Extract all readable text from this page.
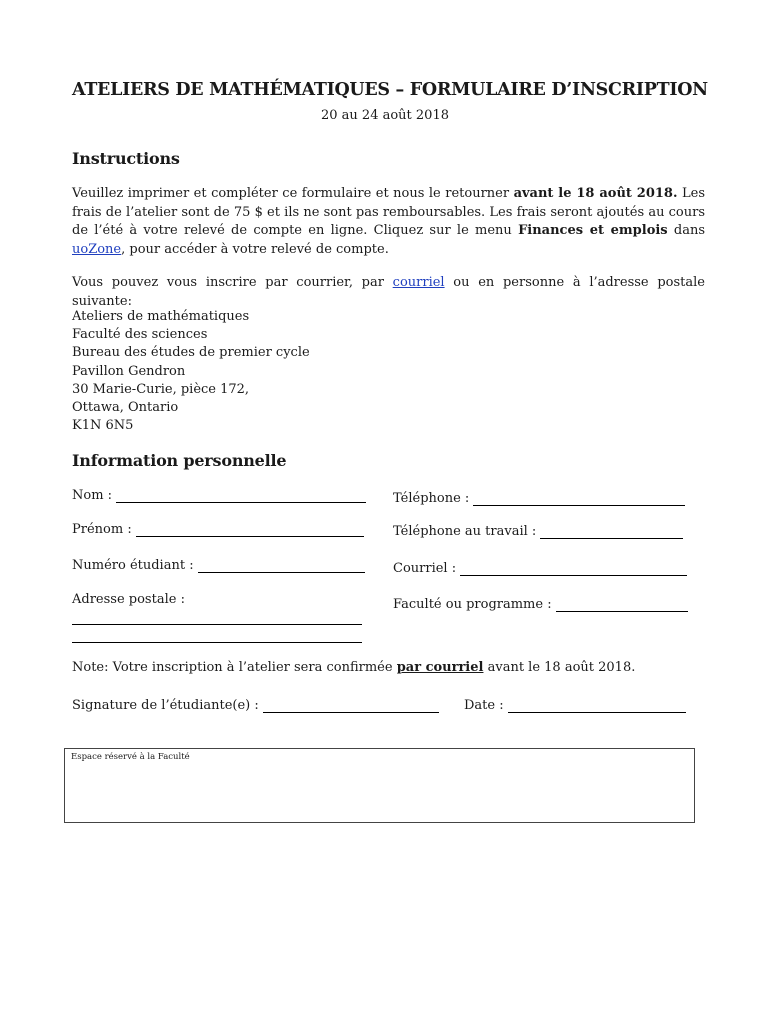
ATELIERS DE MATHÉMATIQUES – FORMULAIRE D’INSCRIPTION
20 au 24 août 2018
Instructions
Veuillez imprimer et compléter ce formulaire et nous le retourner avant le 18 août 2018. Les frais de l’atelier sont de 75 $ et ils ne sont pas remboursables. Les frais seront ajoutés au cours de l’été à votre relevé de compte en ligne. Cliquez sur le menu Finances et emplois dans uoZone, pour accéder à votre relevé de compte.
Vous pouvez vous inscrire par courrier, par courriel ou en personne à l’adresse postale suivante:
Ateliers de mathématiques
Faculté des sciences
Bureau des études de premier cycle
Pavillon Gendron
30 Marie-Curie, pièce 172,
Ottawa, Ontario
K1N 6N5
Information personnelle
Nom :
Prénom :
Numéro étudiant :
Adresse postale :
Téléphone :
Téléphone au travail :
Courriel :
Faculté ou programme :
Note: Votre inscription à l’atelier sera confirmée par courriel avant le 18 août 2018.
Signature de l’étudiante(e) :	Date :
Espace réservé à la Faculté
